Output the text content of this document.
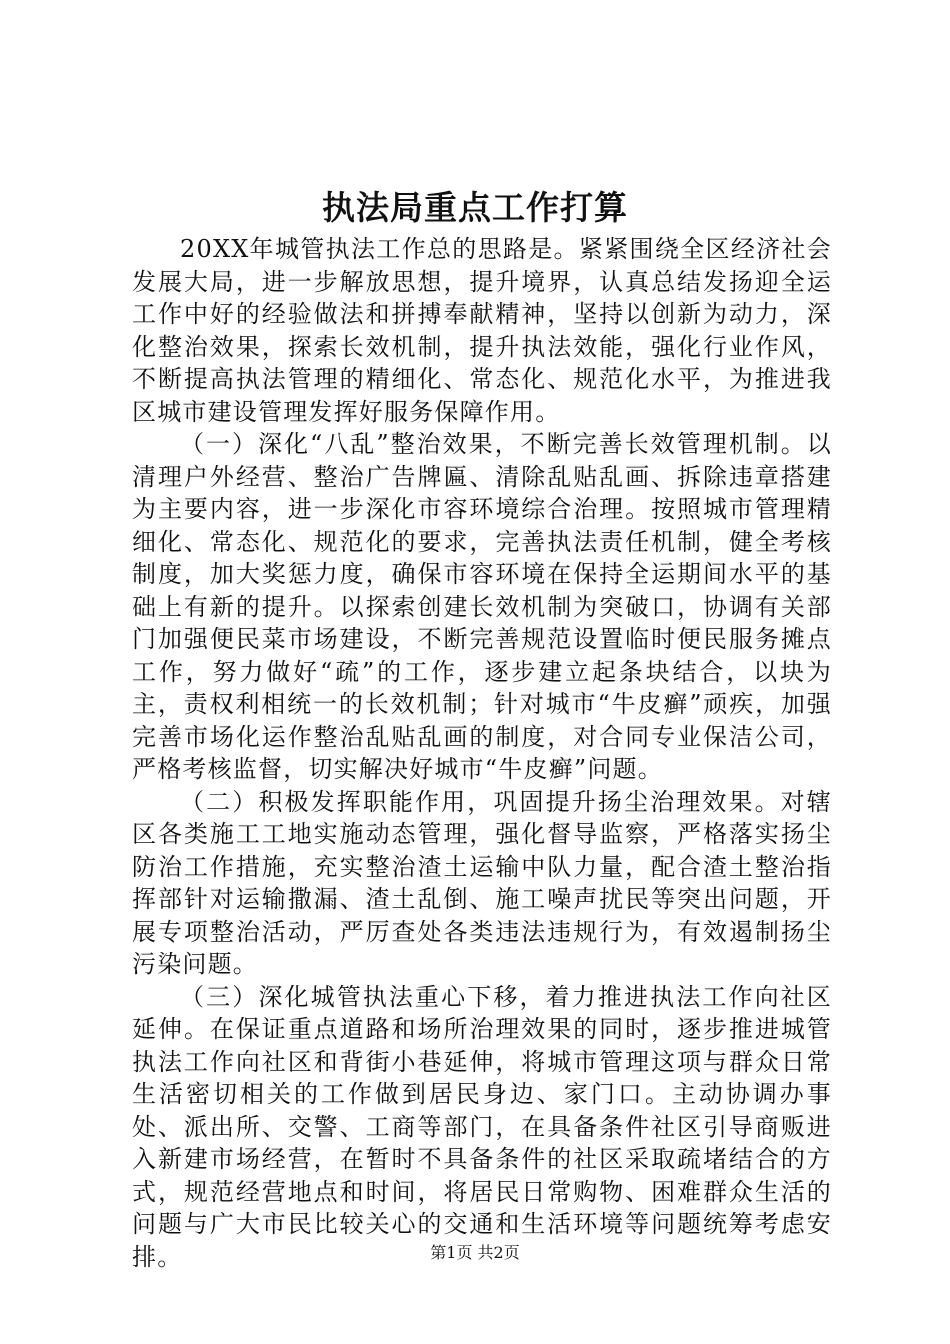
执法局重点工作打算

20XX年城管执法工作总的思路是。紧紧围绕全区经济社会发展大局，进一步解放思想，提升境界，认真总结发扬迎全运工作中好的经验做法和拼搏奉献精神，坚持以创新为动力，深化整治效果，探索长效机制，提升执法效能，强化行业作风，不断提高执法管理的精细化、常态化、规范化水平，为推进我区城市建设管理发挥好服务保障作用。

（一）深化“八乱”整治效果，不断完善长效管理机制。以清理户外经营、整治广告牌匾、清除乱贴乱画、拆除违章搭建为主要内容，进一步深化市容环境综合治理。按照城市管理精细化、常态化、规范化的要求，完善执法责任机制，健全考核制度，加大奖惩力度，确保市容环境在保持全运期间水平的基础上有新的提升。以探索创建长效机制为突破口，协调有关部门加强便民菜市场建设，不断完善规范设置临时便民服务摊点工作，努力做好“疏”的工作，逐步建立起条块结合，以块为主，责权利相统一的长效机制；针对城市“牛皮癣”顽疾，加强完善市场化运作整治乱贴乱画的制度，对合同专业保洁公司，严格考核监督，切实解决好城市“牛皮癣”问题。

（二）积极发挥职能作用，巩固提升扬尘治理效果。对辖区各类施工工地实施动态管理，强化督导监察，严格落实扬尘防治工作措施，充实整治渣土运输中队力量，配合渣土整治指挥部针对运输撒漏、渣土乱倒、施工噪声扰民等突出问题，开展专项整治活动，严厉查处各类违法违规行为，有效遏制扬尘污染问题。

（三）深化城管执法重心下移，着力推进执法工作向社区延伸。在保证重点道路和场所治理效果的同时，逐步推进城管执法工作向社区和背街小巷延伸，将城市管理这项与群众日常生活密切相关的工作做到居民身边、家门口。主动协调办事处、派出所、交警、工商等部门，在具备条件社区引导商贩进入新建市场经营，在暂时不具备条件的社区采取疏堵结合的方式，规范经营地点和时间，将居民日常购物、困难群众生活的问题与广大市民比较关心的交通和生活环境等问题统筹考虑安排。	第1页 共2页
